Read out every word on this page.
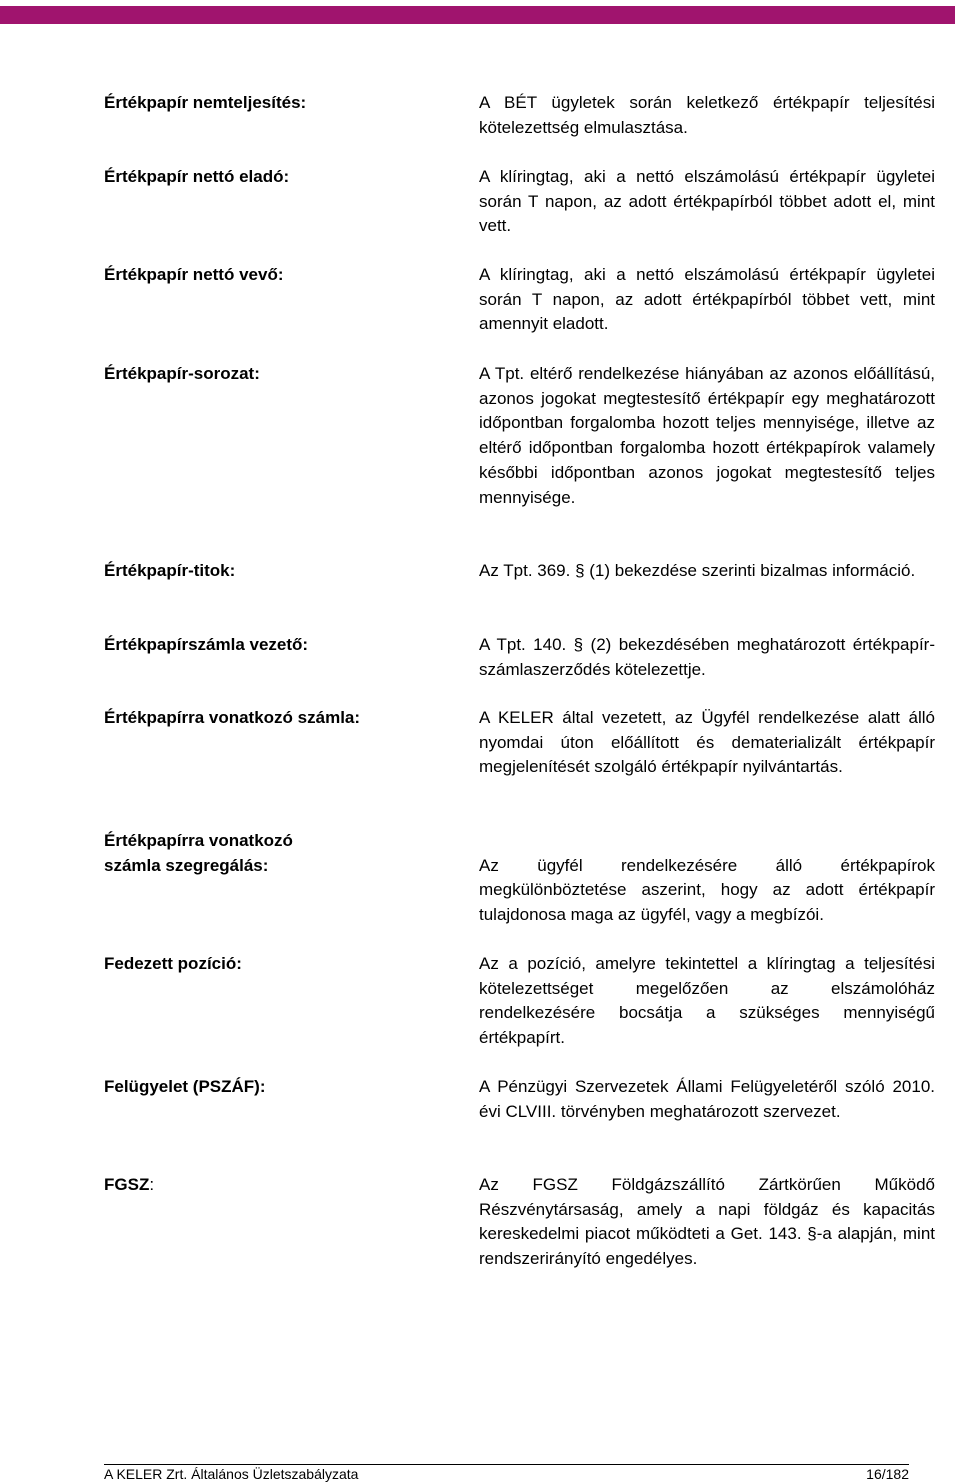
Értékpapír nemteljesítés:	A BÉT ügyletek során keletkező értékpapír teljesítési kötelezettség elmulasztása.
Értékpapír nettó eladó:	A klíringtag, aki a nettó elszámolású értékpapír ügyletei során T napon, az adott értékpapírból többet adott el, mint vett.
Értékpapír nettó vevő:	A klíringtag, aki a nettó elszámolású értékpapír ügyletei során T napon, az adott értékpapírból többet vett, mint amennyit eladott.
Értékpapír-sorozat:	A Tpt. eltérő rendelkezése hiányában az azonos előállítású, azonos jogokat megtestesítő értékpapír egy meghatározott időpontban forgalomba hozott teljes mennyisége, illetve az eltérő időpontban forgalomba hozott értékpapírok valamely későbbi időpontban azonos jogokat megtestesítő teljes mennyisége.
Értékpapír-titok:	Az Tpt. 369. § (1) bekezdése szerinti bizalmas információ.
Értékpapírszámla vezető:	A Tpt. 140. § (2) bekezdésében meghatározott értékpapír-számlaszerződés kötelezettje.
Értékpapírra vonatkozó számla:	A KELER által vezetett, az Ügyfél rendelkezése alatt álló nyomdai úton előállított és dematerializált értékpapír megjelenítését szolgáló értékpapír nyilvántartás.
Értékpapírra vonatkozó
számla szegregálás:	Az ügyfél rendelkezésére álló értékpapírok megkülönböztetése aszerint, hogy az adott értékpapír tulajdonosa maga az ügyfél, vagy a megbízói.
Fedezett pozíció:	Az a pozíció, amelyre tekintettel a klíringtag a teljesítési kötelezettséget megelőzően az elszámolóház rendelkezésére bocsátja a szükséges mennyiségű értékpapírt.
Felügyelet (PSZÁF):	A Pénzügyi Szervezetek Állami Felügyeletéről szóló 2010. évi CLVIII. törvényben meghatározott szervezet.
FGSZ:	Az FGSZ Földgázszállító Zártkörűen Működő Részvénytársaság, amely a napi földgáz és kapacitás kereskedelmi piacot működteti a Get. 143. §-a alapján, mint rendszerirányító engedélyes.
A KELER Zrt. Általános Üzletszabályzata	16/182
